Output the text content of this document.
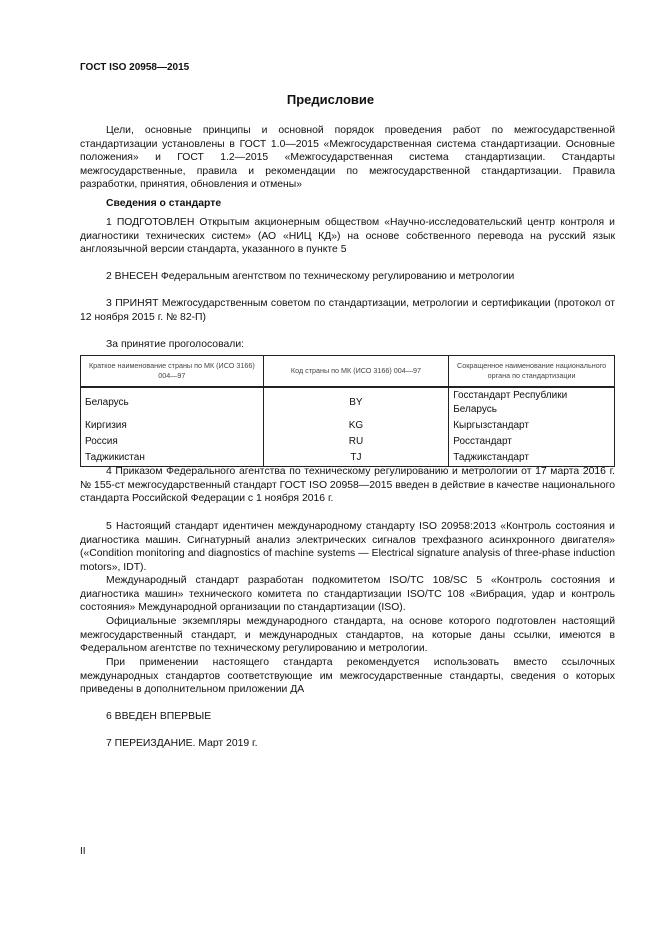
ГОСТ ISO 20958—2015
Предисловие

Цели, основные принципы и основной порядок проведения работ по межгосударственной стандартизации установлены в ГОСТ 1.0—2015 «Межгосударственная система стандартизации. Основные положения» и ГОСТ 1.2—2015 «Межгосударственная система стандартизации. Стандарты межгосударственные, правила и рекомендации по межгосударственной стандартизации. Правила разработки, принятия, обновления и отмены»

Сведения о стандарте

1 ПОДГОТОВЛЕН Открытым акционерным обществом «Научно-исследовательский центр контроля и диагностики технических систем» (АО «НИЦ КД») на основе собственного перевода на русский язык англоязычной версии стандарта, указанного в пункте 5

2 ВНЕСЕН Федеральным агентством по техническому регулированию и метрологии

3 ПРИНЯТ Межгосударственным советом по стандартизации, метрологии и сертификации (протокол от 12 ноября 2015 г. № 82-П)

За принятие проголосовали:

Краткое наименование страны по МК (ИСО 3166) 004—97	Код страны по МК (ИСО 3166) 004—97	Сокращенное наименование национального органа по стандартизации
Беларусь	BY	Госстандарт Республики Беларусь
Киргизия	KG	Кыргызстандарт
Россия	RU	Росстандарт
Таджикистан	TJ	Таджикстандарт

4 Приказом Федерального агентства по техническому регулированию и метрологии от 17 марта 2016 г. № 155-ст межгосударственный стандарт ГОСТ ISO 20958—2015 введен в действие в качестве национального стандарта Российской Федерации с 1 ноября 2016 г.

5 Настоящий стандарт идентичен международному стандарту ISO 20958:2013 «Контроль состояния и диагностика машин. Сигнатурный анализ электрических сигналов трехфазного асинхронного двигателя» («Condition monitoring and diagnostics of machine systems — Electrical signature analysis of three-phase induction motors», IDT).

Международный стандарт разработан подкомитетом ISO/TC 108/SC 5 «Контроль состояния и диагностика машин» технического комитета по стандартизации ISO/TC 108 «Вибрация, удар и контроль состояния» Международной организации по стандартизации (ISO).

Официальные экземпляры международного стандарта, на основе которого подготовлен настоящий межгосударственный стандарт, и международных стандартов, на которые даны ссылки, имеются в Федеральном агентстве по техническому регулированию и метрологии.

При применении настоящего стандарта рекомендуется использовать вместо ссылочных международных стандартов соответствующие им межгосударственные стандарты, сведения о которых приведены в дополнительном приложении ДА

6 ВВЕДЕН ВПЕРВЫЕ

7 ПЕРЕИЗДАНИЕ. Март 2019 г.

II
